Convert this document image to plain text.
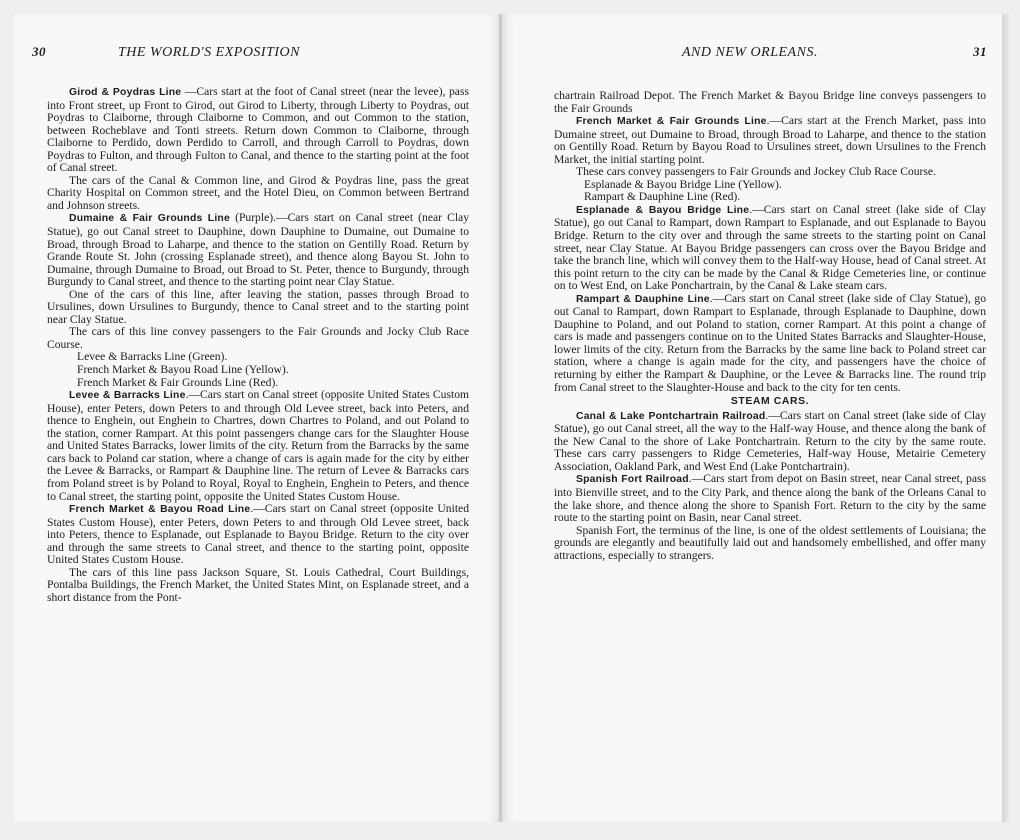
30	THE WORLD'S EXPOSITION

Girod & Poydras Line —Cars start at the foot of Canal street (near the levee), pass into Front street, up Front to Girod, out Girod to Liberty, through Liberty to Poydras, out Poydras to Claiborne, through Claiborne to Common, and out Common to the station, between Rocheblave and Tonti streets. Return down Common to Claiborne, through Claiborne to Perdido, down Perdido to Carroll, and through Carroll to Poydras, down Poydras to Fulton, and through Fulton to Canal, and thence to the starting point at the foot of Canal street.

The cars of the Canal & Common line, and Girod & Poydras line, pass the great Charity Hospital on Common street, and the Hotel Dieu, on Common between Bertrand and Johnson streets.

Dumaine & Fair Grounds Line (Purple).—Cars start on Canal street (near Clay Statue), go out Canal street to Dauphine, down Dauphine to Dumaine, out Dumaine to Broad, through Broad to Laharpe, and thence to the station on Gentilly Road. Return by Grande Route St. John (crossing Esplanade street), and thence along Bayou St. John to Dumaine, through Dumaine to Broad, out Broad to St. Peter, thence to Burgundy, through Burgundy to Canal street, and thence to the starting point near Clay Statue.

One of the cars of this line, after leaving the station, passes through Broad to Ursulines, down Ursulines to Burgundy, thence to Canal street and to the starting point near Clay Statue.

The cars of this line convey passengers to the Fair Grounds and Jocky Club Race Course.

Levee & Barracks Line (Green).

French Market & Bayou Road Line (Yellow).

French Market & Fair Grounds Line (Red).

Levee & Barracks Line.—Cars start on Canal street (opposite United States Custom House), enter Peters, down Peters to and through Old Levee street, back into Peters, and thence to Enghein, out Enghein to Chartres, down Chartres to Poland, and out Poland to the station, corner Rampart. At this point passengers change cars for the Slaughter House and United States Barracks, lower limits of the city. Return from the Barracks by the same cars back to Poland car station, where a change of cars is again made for the city by either the Levee & Barracks, or Rampart & Dauphine line. The return of Levee & Barracks cars from Poland street is by Poland to Royal, Royal to Enghein, Enghein to Peters, and thence to Canal street, the starting point, opposite the United States Custom House.

French Market & Bayou Road Line.—Cars start on Canal street (opposite United States Custom House), enter Peters, down Peters to and through Old Levee street, back into Peters, thence to Esplanade, out Esplanade to Bayou Bridge. Return to the city over and through the same streets to Canal street, and thence to the starting point, opposite United States Custom House.

The cars of this line pass Jackson Square, St. Louis Cathedral, Court Buildings, Pontalba Buildings, the French Market, the United States Mint, on Esplanade street, and a short distance from the Pont-

AND NEW ORLEANS.	31

chartrain Railroad Depot. The French Market & Bayou Bridge line conveys passengers to the Fair Grounds

French Market & Fair Grounds Line.—Cars start at the French Market, pass into Dumaine street, out Dumaine to Broad, through Broad to Laharpe, and thence to the station on Gentilly Road. Return by Bayou Road to Ursulines street, down Ursulines to the French Market, the initial starting point.

These cars convey passengers to Fair Grounds and Jockey Club Race Course.

Esplanade & Bayou Bridge Line (Yellow).

Rampart & Dauphine Line (Red).

Esplanade & Bayou Bridge Line.—Cars start on Canal street (lake side of Clay Statue), go out Canal to Rampart, down Rampart to Esplanade, and out Esplanade to Bayou Bridge. Return to the city over and through the same streets to the starting point on Canal street, near Clay Statue. At Bayou Bridge passengers can cross over the Bayou Bridge and take the branch line, which will convey them to the Half-way House, head of Canal street. At this point return to the city can be made by the Canal & Ridge Cemeteries line, or continue on to West End, on Lake Ponchartrain, by the Canal & Lake steam cars.

Rampart & Dauphine Line.—Cars start on Canal street (lake side of Clay Statue), go out Canal to Rampart, down Rampart to Esplanade, through Esplanade to Dauphine, down Dauphine to Poland, and out Poland to station, corner Rampart. At this point a change of cars is made and passengers continue on to the United States Barracks and Slaughter-House, lower limits of the city. Return from the Barracks by the same line back to Poland street car station, where a change is again made for the city, and passengers have the choice of returning by either the Rampart & Dauphine, or the Levee & Barracks line. The round trip from Canal street to the Slaughter-House and back to the city for ten cents.

STEAM CARS.

Canal & Lake Pontchartrain Railroad.—Cars start on Canal street (lake side of Clay Statue), go out Canal street, all the way to the Half-way House, and thence along the bank of the New Canal to the shore of Lake Pontchartrain. Return to the city by the same route. These cars carry passengers to Ridge Cemeteries, Half-way House, Metairie Cemetery Association, Oakland Park, and West End (Lake Pontchartrain).

Spanish Fort Railroad.—Cars start from depot on Basin street, near Canal street, pass into Bienville street, and to the City Park, and thence along the bank of the Orleans Canal to the lake shore, and thence along the shore to Spanish Fort. Return to the city by the same route to the starting point on Basin, near Canal street.

Spanish Fort, the terminus of the line, is one of the oldest settlements of Louisiana; the grounds are elegantly and beautifully laid out and handsomely embellished, and offer many attractions, especially to strangers.
